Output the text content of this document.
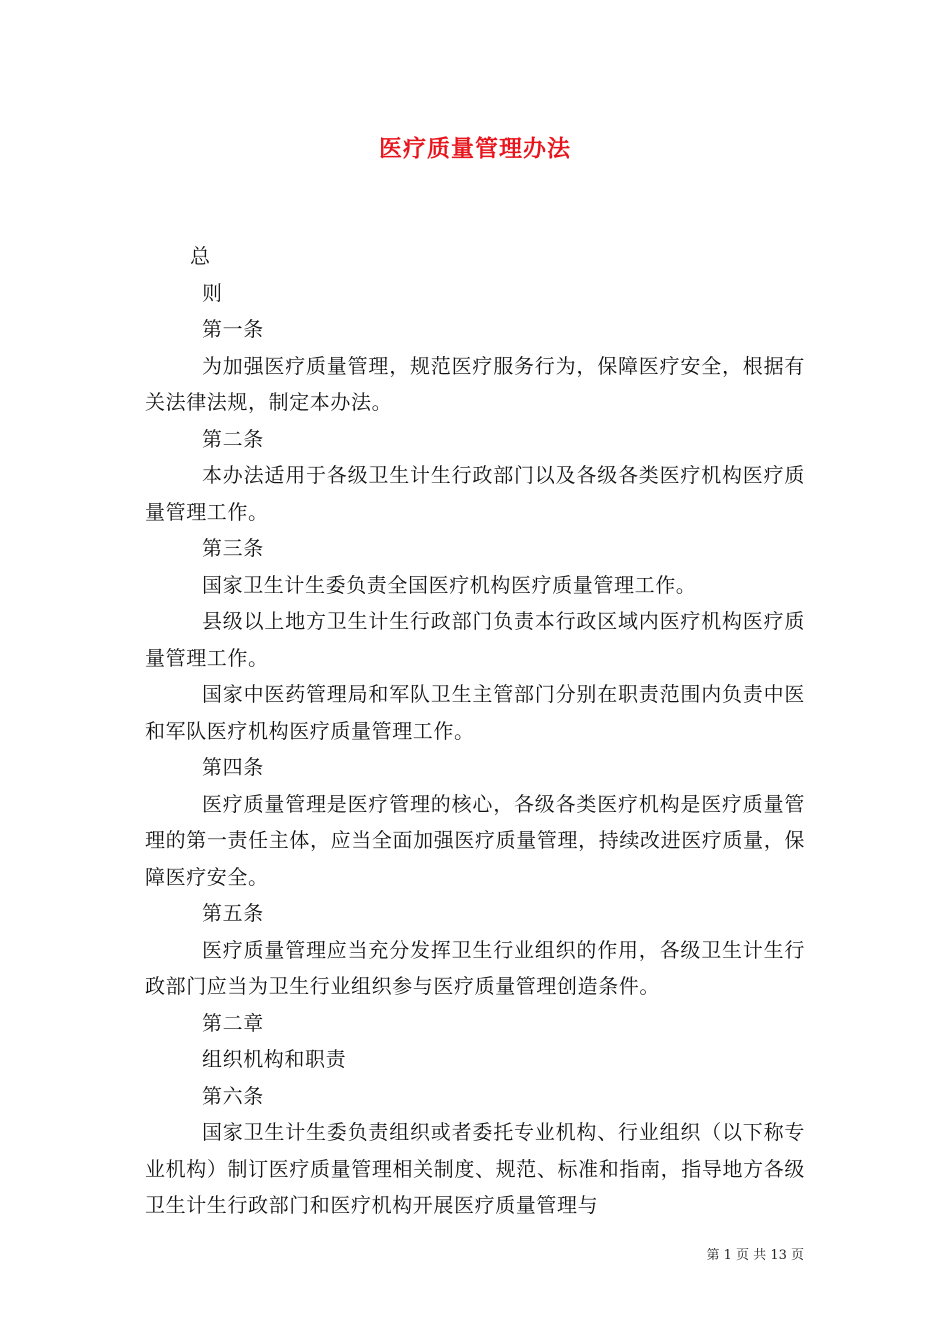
医疗质量管理办法

总

则

第一条

为加强医疗质量管理，规范医疗服务行为，保障医疗安全，根据有关法律法规，制定本办法。

第二条

本办法适用于各级卫生计生行政部门以及各级各类医疗机构医疗质量管理工作。

第三条

国家卫生计生委负责全国医疗机构医疗质量管理工作。

县级以上地方卫生计生行政部门负责本行政区域内医疗机构医疗质量管理工作。

国家中医药管理局和军队卫生主管部门分别在职责范围内负责中医和军队医疗机构医疗质量管理工作。

第四条

医疗质量管理是医疗管理的核心，各级各类医疗机构是医疗质量管理的第一责任主体，应当全面加强医疗质量管理，持续改进医疗质量，保障医疗安全。

第五条

医疗质量管理应当充分发挥卫生行业组织的作用，各级卫生计生行政部门应当为卫生行业组织参与医疗质量管理创造条件。

第二章

组织机构和职责

第六条

国家卫生计生委负责组织或者委托专业机构、行业组织（以下称专业机构）制订医疗质量管理相关制度、规范、标准和指南，指导地方各级卫生计生行政部门和医疗机构开展医疗质量管理与

第 1 页 共 13 页
